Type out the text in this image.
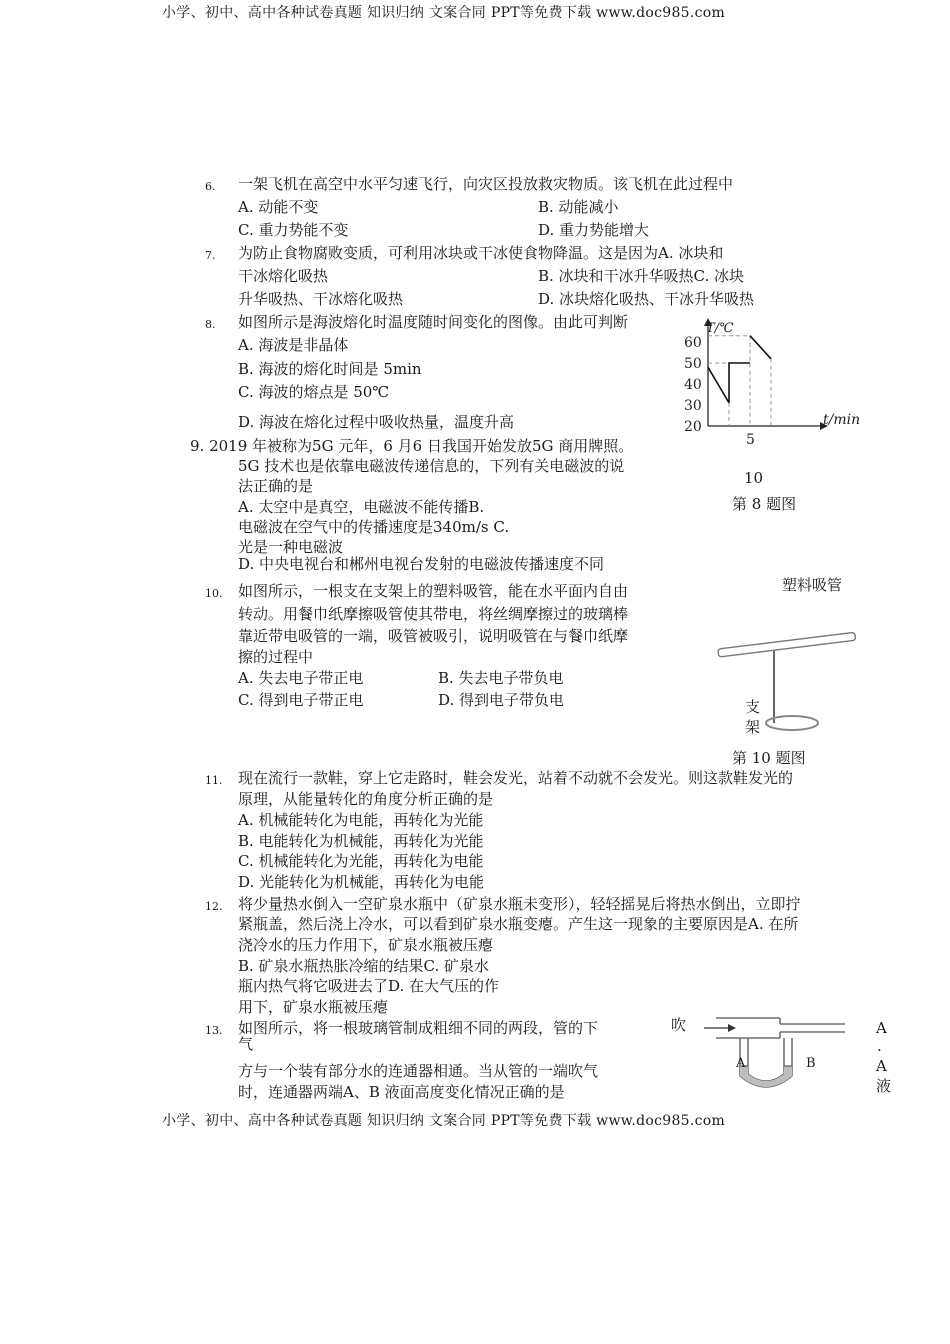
小学、初中、高中各种试卷真题 知识归纳 文案合同 PPT等免费下载 www.doc985.com
6. 一架飞机在高空中水平匀速飞行，向灾区投放救灾物质。该飞机在此过程中
A. 动能不变	B. 动能减小
C. 重力势能不变	D. 重力势能增大
7. 为防止食物腐败变质，可利用冰块或干冰使食物降温。这是因为A. 冰块和
干冰熔化吸热	B. 冰块和干冰升华吸热C. 冰块
升华吸热、干冰熔化吸热	D. 冰块熔化吸热、干冰升华吸热
8. 如图所示是海波熔化时温度随时间变化的图像。由此可判断
A. 海波是非晶体
B. 海波的熔化时间是 5min
C. 海波的熔点是 50℃
D. 海波在熔化过程中吸收热量，温度升高	20
30
40
50
60
5
T/℃
t/min
10
第 8 题图
9. 2019 年被称为5G 元年，6 月6 日我国开始发放5G 商用牌照。
5G 技术也是依靠电磁波传递信息的，下列有关电磁波的说
法正确的是
A. 太空中是真空，电磁波不能传播B.
电磁波在空气中的传播速度是340m/s C.
光是一种电磁波
D. 中央电视台和郴州电视台发射的电磁波传播速度不同
10. 如图所示，一根支在支架上的塑料吸管，能在水平面内自由
转动。用餐巾纸摩擦吸管使其带电，将丝绸摩擦过的玻璃棒
靠近带电吸管的一端，吸管被吸引，说明吸管在与餐巾纸摩
擦的过程中
A. 失去电子带正电	B. 失去电子带负电
C. 得到电子带正电	D. 得到电子带负电
塑料吸管
支
架
第 10 题图
11. 现在流行一款鞋，穿上它走路时，鞋会发光，站着不动就不会发光。则这款鞋发光的
原理，从能量转化的角度分析正确的是
A. 机械能转化为电能，再转化为光能
B. 电能转化为机械能，再转化为光能
C. 机械能转化为光能，再转化为电能
D. 光能转化为机械能，再转化为电能
12. 将少量热水倒入一空矿泉水瓶中（矿泉水瓶未变形），轻轻摇晃后将热水倒出，立即拧
紧瓶盖，然后浇上冷水，可以看到矿泉水瓶变瘪。产生这一现象的主要原因是A. 在所
浇冷水的压力作用下，矿泉水瓶被压瘪
B. 矿泉水瓶热胀冷缩的结果C. 矿泉水
瓶内热气将它吸进去了D. 在大气压的作
用下，矿泉水瓶被压瘪
13. 如图所示，将一根玻璃管制成粗细不同的两段，管的下
气
方与一个装有部分水的连通器相通。当从管的一端吹气
时，连通器两端A、B 液面高度变化情况正确的是
吹
A	B
A
.
A
液
小学、初中、高中各种试卷真题 知识归纳 文案合同 PPT等免费下载 www.doc985.com
